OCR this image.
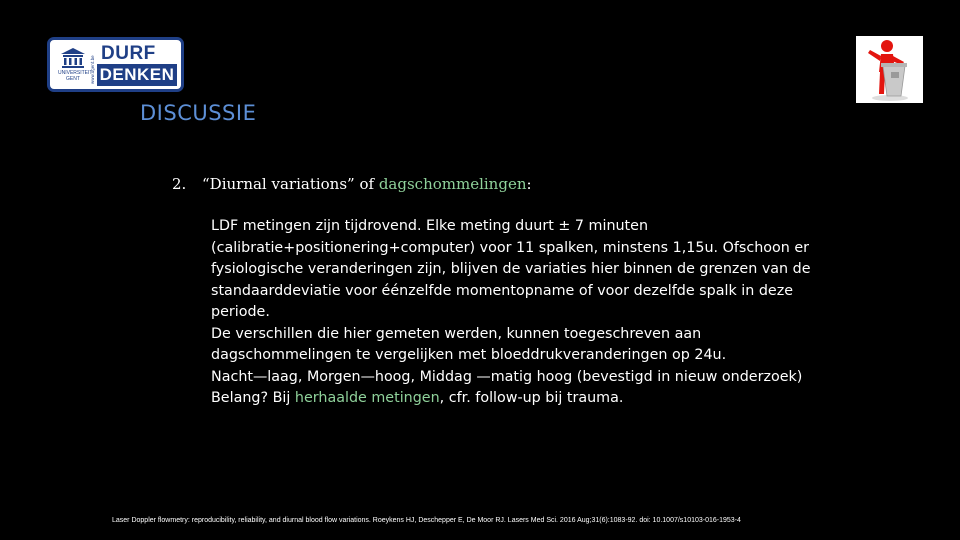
UNIVERSITEIT
GENT	www.ugent.be
DURF
DENKEN
DISCUSSIE
2. “Diurnal variations” of dagschommelingen:

LDF metingen zijn tijdrovend. Elke meting duurt ± 7 minuten

(calibratie+positionering+computer) voor 11 spalken, minstens 1,15u. Ofschoon er

fysiologische veranderingen zijn, blijven de variaties hier binnen de grenzen van de

standaarddeviatie voor éénzelfde momentopname of voor dezelfde spalk in deze

periode.

De verschillen die hier gemeten werden, kunnen toegeschreven aan

dagschommelingen te vergelijken met bloeddrukveranderingen op 24u.

Nacht—laag, Morgen—hoog, Middag —matig hoog (bevestigd in nieuw onderzoek)

Belang? Bij herhaalde metingen, cfr. follow-up bij trauma.

Laser Doppler flowmetry: reproducibility, reliability, and diurnal blood flow variations. Roeykens HJ, Deschepper E, De Moor RJ. Lasers Med Sci. 2016 Aug;31(6):1083-92. doi: 10.1007/s10103-016-1953-4
